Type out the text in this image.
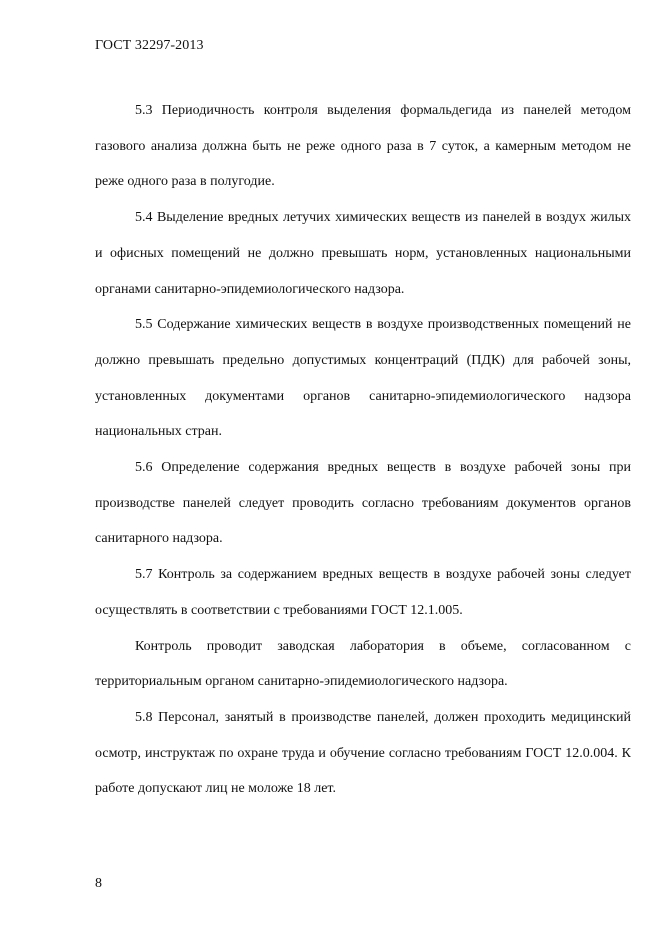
ГОСТ 32297-2013

5.3 Периодичность контроля выделения формальдегида из панелей методом газового анализа должна быть не реже одного раза в 7 суток, а камерным методом не реже одного раза в полугодие.

5.4 Выделение вредных летучих химических веществ из панелей в воздух жилых и офисных помещений не должно превышать норм, установленных национальными органами санитарно-эпидемиологического надзора.

5.5 Содержание химических веществ в воздухе производственных помещений не должно превышать предельно допустимых концентраций (ПДК) для рабочей зоны, установленных документами органов санитарно-эпидемиологического надзора национальных стран.

5.6 Определение содержания вредных веществ в воздухе рабочей зоны при производстве панелей следует проводить согласно требованиям документов органов санитарного надзора.

5.7 Контроль за содержанием вредных веществ в воздухе рабочей зоны следует осуществлять в соответствии с требованиями ГОСТ 12.1.005.

Контроль проводит заводская лаборатория в объеме, согласованном с территориальным органом санитарно-эпидемиологического надзора.

5.8 Персонал, занятый в производстве панелей, должен проходить медицинский осмотр, инструктаж по охране труда и обучение согласно требованиям ГОСТ 12.0.004. К работе допускают лиц не моложе 18 лет.

8
